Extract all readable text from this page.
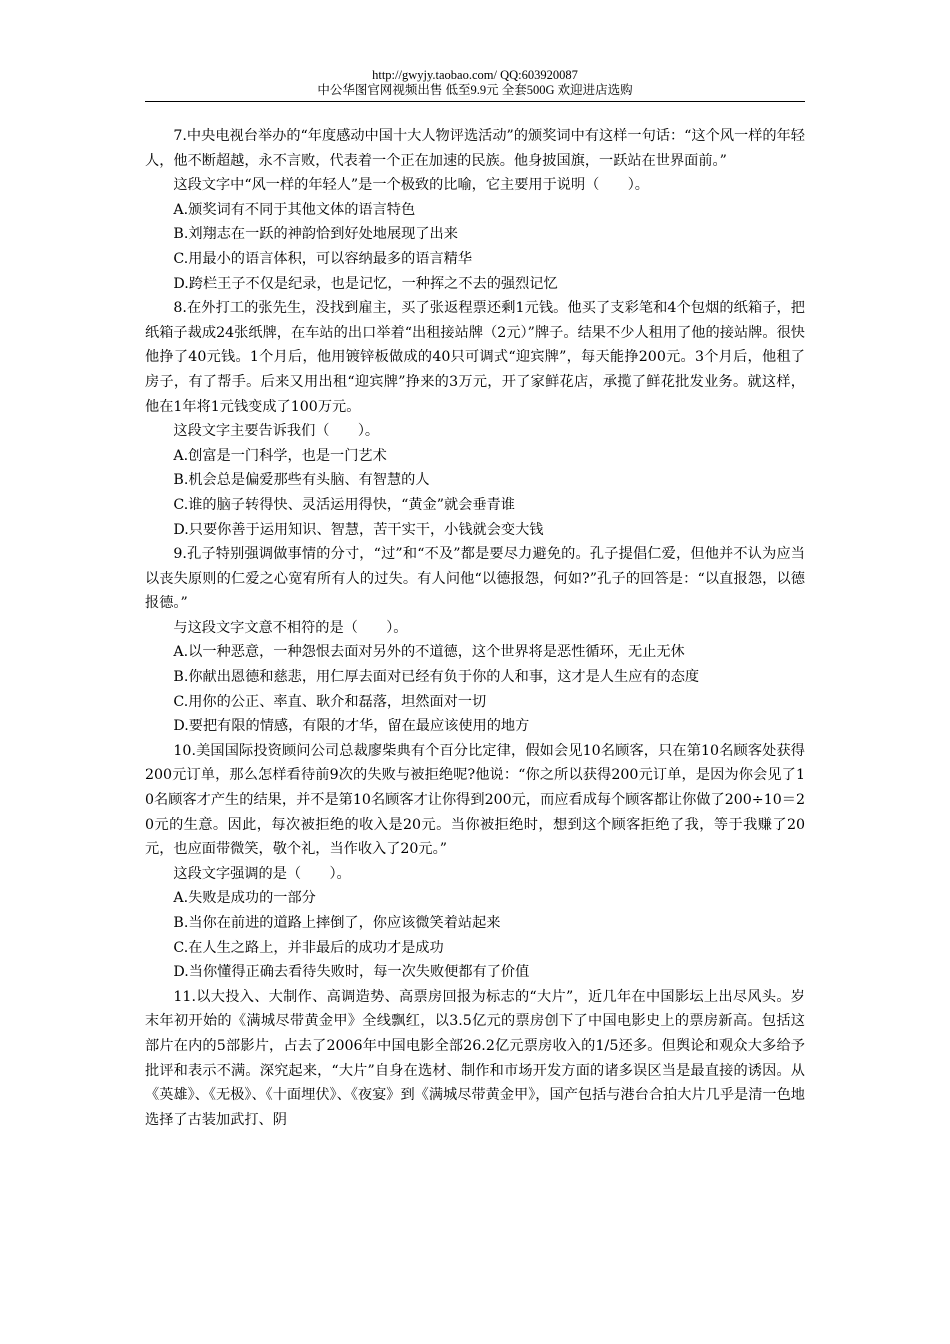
http://gwyjy.taobao.com/ QQ:603920087
中公华图官网视频出售 低至9.9元 全套500G 欢迎进店选购

7.中央电视台举办的“年度感动中国十大人物评选活动”的颁奖词中有这样一句话：“这个风一样的年轻人，他不断超越，永不言败，代表着一个正在加速的民族。他身披国旗，一跃站在世界面前。”

这段文字中“风一样的年轻人”是一个极致的比喻，它主要用于说明（　　）。

A.颁奖词有不同于其他文体的语言特色

B.刘翔志在一跃的神韵恰到好处地展现了出来

C.用最小的语言体积，可以容纳最多的语言精华

D.跨栏王子不仅是纪录，也是记忆，一种挥之不去的强烈记忆

8.在外打工的张先生，没找到雇主，买了张返程票还剩1元钱。他买了支彩笔和4个包烟的纸箱子，把纸箱子裁成24张纸牌，在车站的出口举着“出租接站牌（2元）”牌子。结果不少人租用了他的接站牌。很快他挣了40元钱。1个月后，他用镀锌板做成的40只可调式“迎宾牌”，每天能挣200元。3个月后，他租了房子，有了帮手。后来又用出租“迎宾牌”挣来的3万元，开了家鲜花店，承揽了鲜花批发业务。就这样，他在1年将1元钱变成了100万元。

这段文字主要告诉我们（　　）。

A.创富是一门科学，也是一门艺术

B.机会总是偏爱那些有头脑、有智慧的人

C.谁的脑子转得快、灵活运用得快，“黄金”就会垂青谁

D.只要你善于运用知识、智慧，苦干实干，小钱就会变大钱

9.孔子特别强调做事情的分寸，“过”和“不及”都是要尽力避免的。孔子提倡仁爱，但他并不认为应当以丧失原则的仁爱之心宽宥所有人的过失。有人问他“以德报怨，何如?”孔子的回答是：“以直报怨，以德报德。”

与这段文字文意不相符的是（　　）。

A.以一种恶意，一种怨恨去面对另外的不道德，这个世界将是恶性循环，无止无休

B.你献出恩德和慈悲，用仁厚去面对已经有负于你的人和事，这才是人生应有的态度

C.用你的公正、率直、耿介和磊落，坦然面对一切

D.要把有限的情感，有限的才华，留在最应该使用的地方

10.美国国际投资顾问公司总裁廖柴典有个百分比定律，假如会见10名顾客，只在第10名顾客处获得200元订单，那么怎样看待前9次的失败与被拒绝呢?他说：“你之所以获得200元订单，是因为你会见了10名顾客才产生的结果，并不是第10名顾客才让你得到200元，而应看成每个顾客都让你做了200÷10＝20元的生意。因此，每次被拒绝的收入是20元。当你被拒绝时，想到这个顾客拒绝了我，等于我赚了20元，也应面带微笑，敬个礼，当作收入了20元。”

这段文字强调的是（　　）。

A.失败是成功的一部分

B.当你在前进的道路上摔倒了，你应该微笑着站起来

C.在人生之路上，并非最后的成功才是成功

D.当你懂得正确去看待失败时，每一次失败便都有了价值

11.以大投入、大制作、高调造势、高票房回报为标志的“大片”，近几年在中国影坛上出尽风头。岁末年初开始的《满城尽带黄金甲》全线飘红，以3.5亿元的票房创下了中国电影史上的票房新高。包括这部片在内的5部影片，占去了2006年中国电影全部26.2亿元票房收入的1/5还多。但舆论和观众大多给予批评和表示不满。深究起来，“大片”自身在选材、制作和市场开发方面的诸多误区当是最直接的诱因。从《英雄》、《无极》、《十面埋伏》、《夜宴》到《满城尽带黄金甲》，国产包括与港台合拍大片几乎是清一色地选择了古装加武打、阴
